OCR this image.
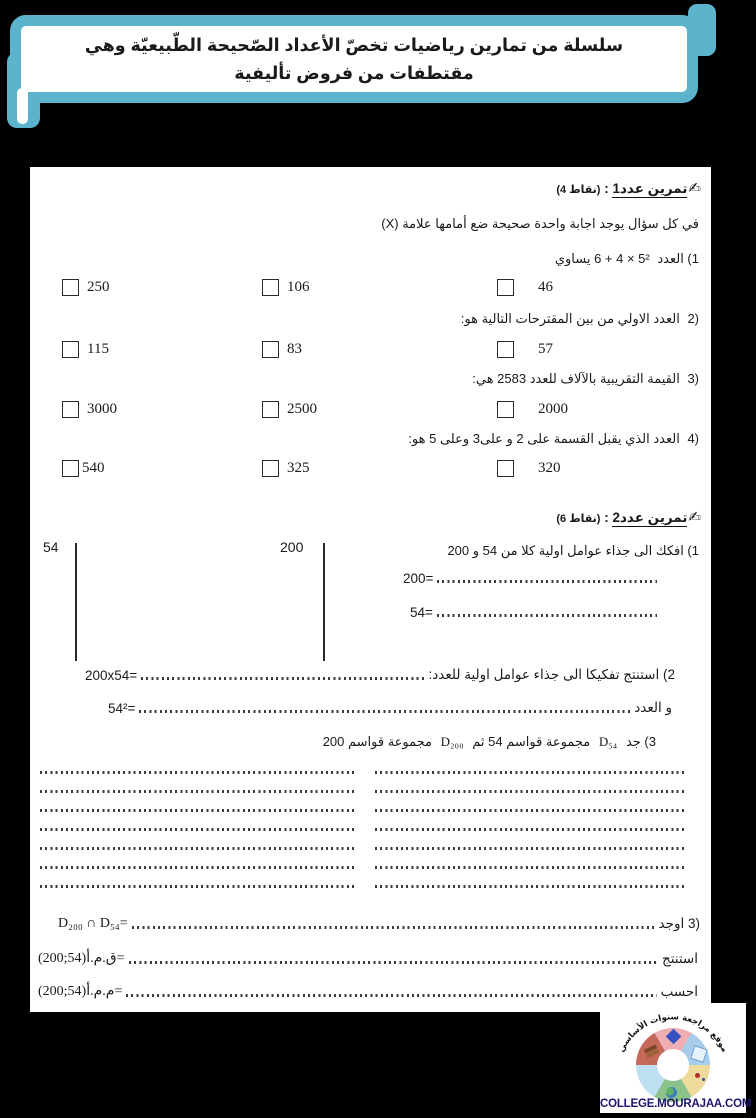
سلسلة من تمارين رياضيات تخصّ الأعداد الصّحيحة الطّبيعيّة وهي
مقتطفات من فروض تأليفية
✍تمرين عدد1 : (4 نقاط)
في كل سؤال يوجد اجابة واحدة صحيحة ضع أمامها علامة (X)
1) العدد 6 + 4 × 5² يساوي
46
106
250
2) العدد الاولي من بين المقترحات التالية هو:
57
83
115
3) القيمة التقريبية بالآلاف للعدد 2583 هي:
2000
2500
3000
4) العدد الذي يقبل القسمة على 2 و على3 وعلى 5 هو:
320
325
540
✍تمرين عدد2 : (6 نقاط)
1) افكك الى جذاء عوامل اولية كلا من 54 و 200
200
54
200=
54=
200x54=	2) استنتج تفكيكا الى جذاء عوامل اولية للعدد:
54²=	و العدد
3) جد D₅₄ مجموعة قواسم 54 ثم D₂₀₀ مجموعة قواسم 200
D₂₀₀ ∩ D₅₄=	3) اوجد
(200;54)ق.م.أ=	استنتج
(200;54)م.م.أ=	احسب
موقع مراجعة سنوات الأساسي
COLLEGE.MOURAJAA.COM
